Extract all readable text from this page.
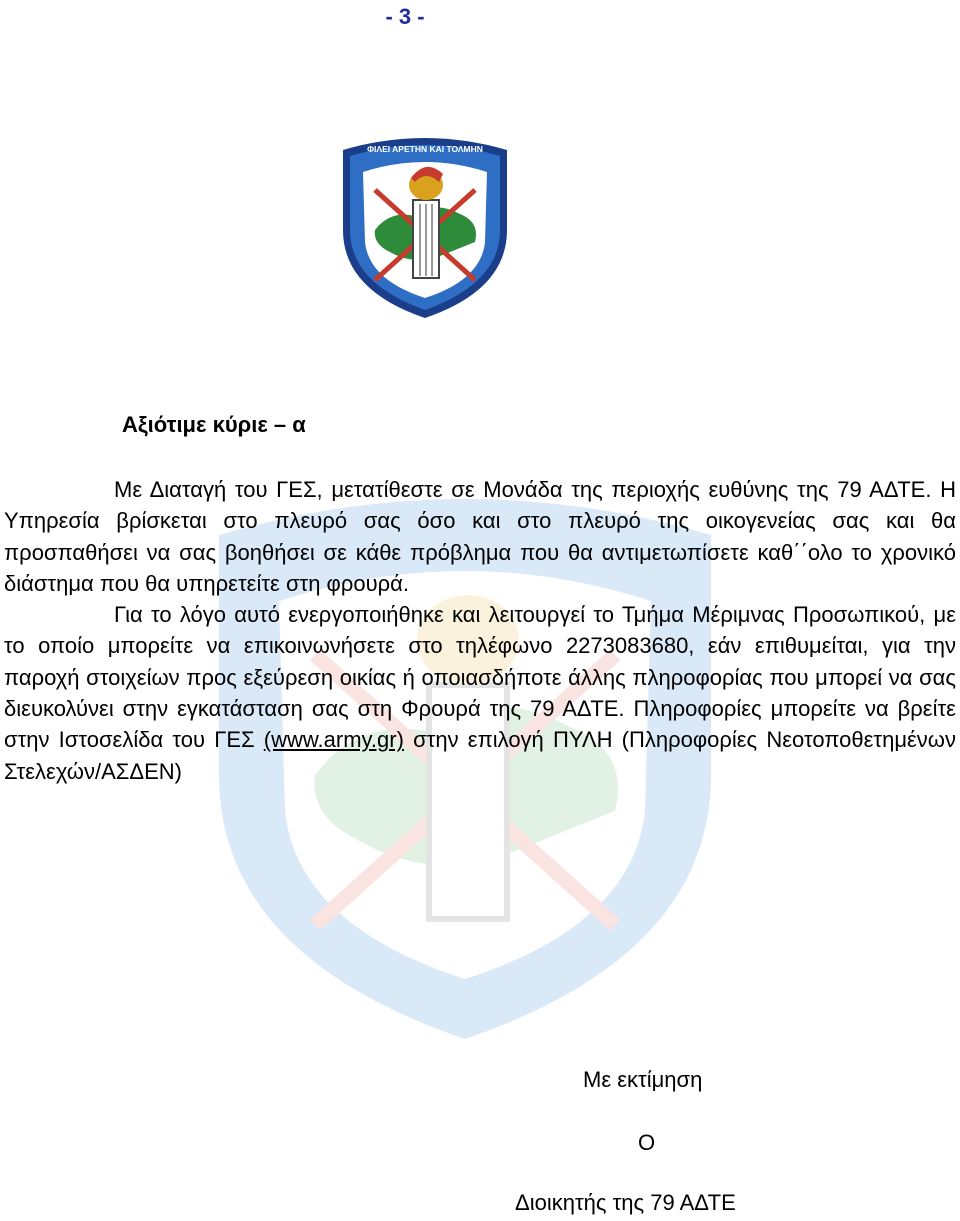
- 3 -
ΦΙΛΕΙ ΑΡΕΤΗΝ ΚΑΙ ΤΟΛΜΗΝ
Αξιότιμε κύριε – α

Με Διαταγή του ΓΕΣ, μετατίθεστε σε Μονάδα της περιοχής ευθύνης της 79 ΑΔΤΕ. Η Υπηρεσία βρίσκεται στο πλευρό σας όσο και στο πλευρό της οικογενείας σας και θα προσπαθήσει να σας βοηθήσει σε κάθε πρόβλημα που θα αντιμετωπίσετε καθ΄΄ολο το χρονικό διάστημα που θα υπηρετείτε στη φρουρά.

Για το λόγο αυτό ενεργοποιήθηκε και λειτουργεί το Τμήμα Μέριμνας Προσωπικού, με το οποίο μπορείτε να επικοινωνήσετε στο τηλέφωνο 2273083680, εάν επιθυμείται, για την παροχή στοιχείων προς εξεύρεση οικίας ή οποιασδήποτε άλλης πληροφορίας που μπορεί να σας διευκολύνει στην εγκατάσταση σας στη Φρουρά της 79 ΑΔΤΕ. Πληροφορίες μπορείτε να βρείτε στην Ιστοσελίδα του ΓΕΣ (www.army.gr) στην επιλογή ΠΥΛΗ (Πληροφορίες Νεοτοποθετημένων Στελεχών/ΑΣΔΕΝ)

Με εκτίμηση
Ο
Διοικητής της 79 ΑΔΤΕ
